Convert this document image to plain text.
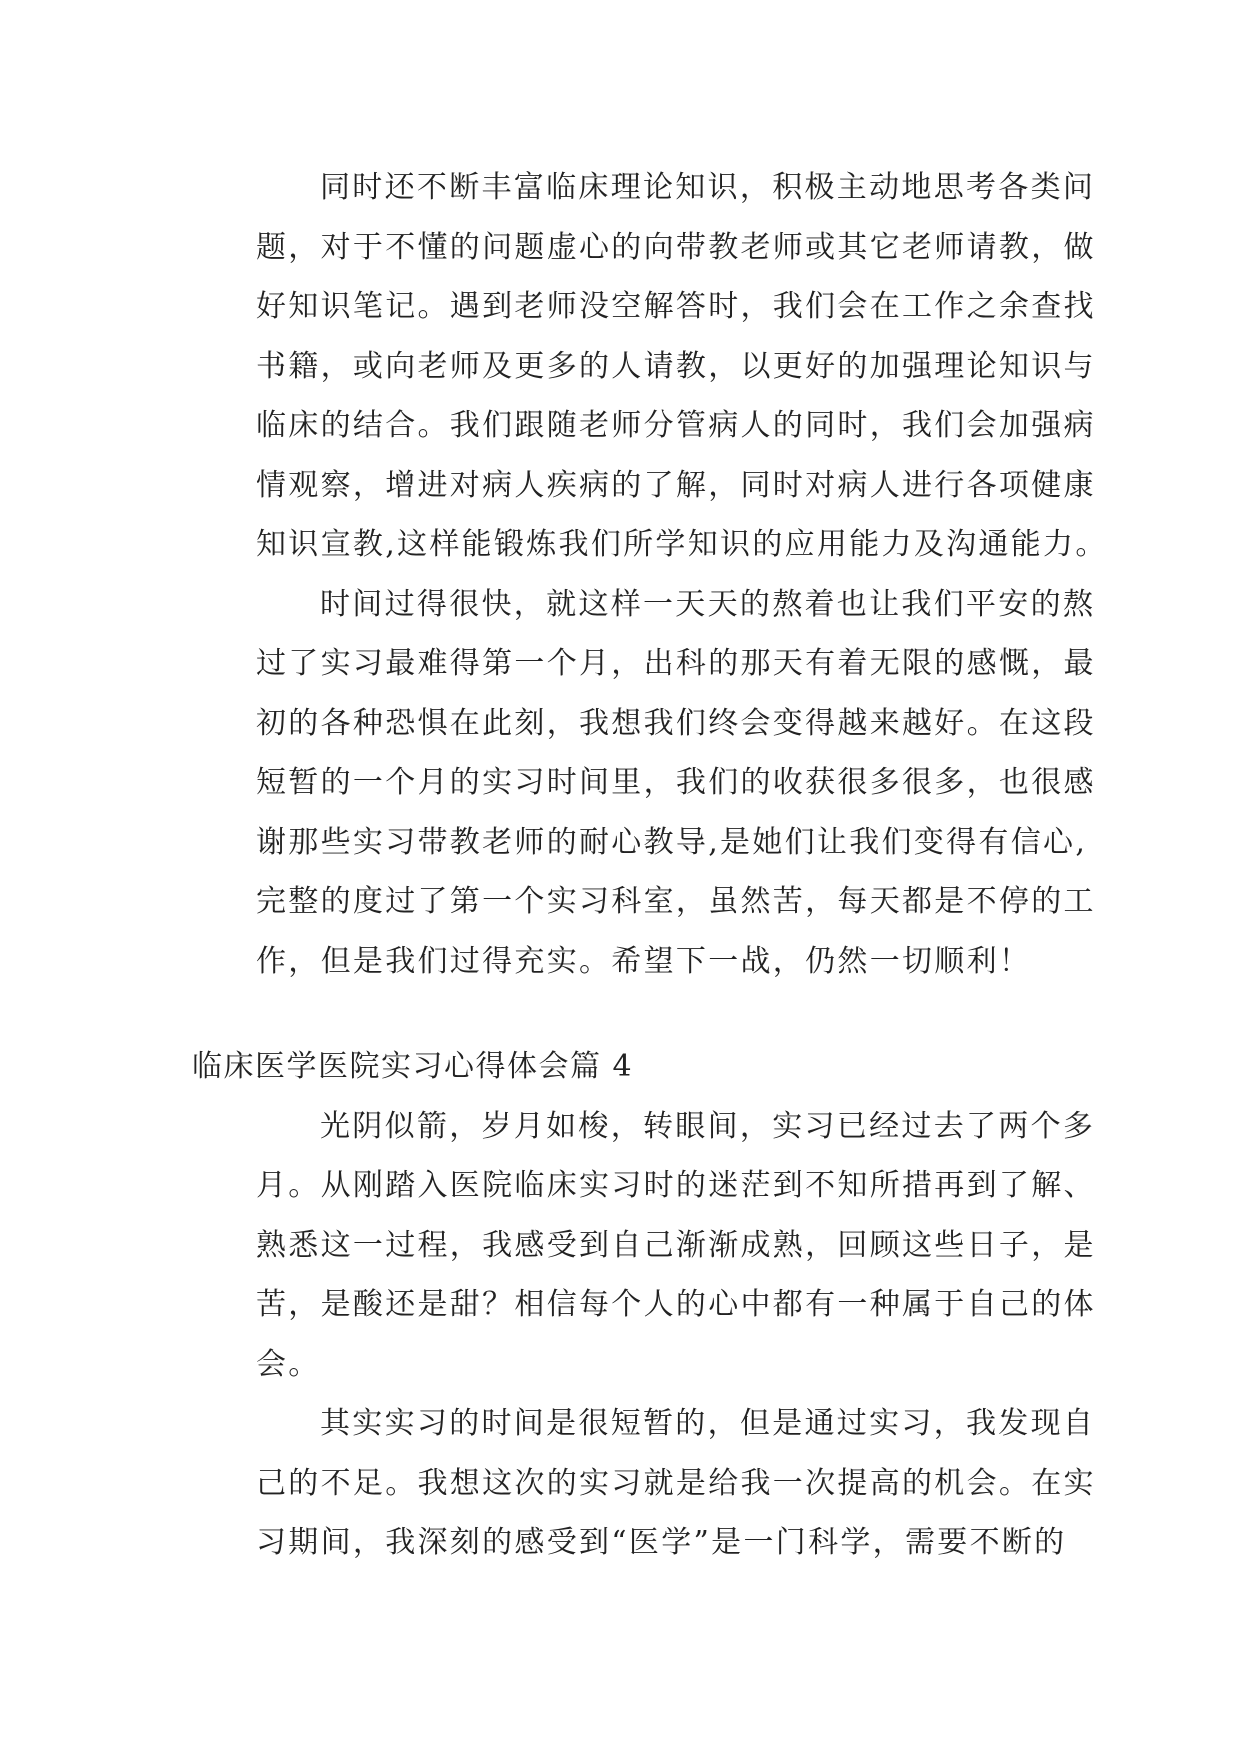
同时还不断丰富临床理论知识，积极主动地思考各类问
题，对于不懂的问题虚心的向带教老师或其它老师请教，做
好知识笔记。遇到老师没空解答时，我们会在工作之余查找
书籍，或向老师及更多的人请教，以更好的加强理论知识与
临床的结合。我们跟随老师分管病人的同时，我们会加强病
情观察，增进对病人疾病的了解，同时对病人进行各项健康
知识宣教,这样能锻炼我们所学知识的应用能力及沟通能力。
时间过得很快，就这样一天天的熬着也让我们平安的熬
过了实习最难得第一个月，出科的那天有着无限的感慨，最
初的各种恐惧在此刻，我想我们终会变得越来越好。在这段
短暂的一个月的实习时间里，我们的收获很多很多，也很感
谢那些实习带教老师的耐心教导,是她们让我们变得有信心,
完整的度过了第一个实习科室，虽然苦，每天都是不停的工
作，但是我们过得充实。希望下一战，仍然一切顺利！
临床医学医院实习心得体会篇 4
光阴似箭，岁月如梭，转眼间，实习已经过去了两个多
月。从刚踏入医院临床实习时的迷茫到不知所措再到了解、
熟悉这一过程，我感受到自己渐渐成熟，回顾这些日子，是
苦，是酸还是甜？相信每个人的心中都有一种属于自己的体
会。
其实实习的时间是很短暂的，但是通过实习，我发现自
己的不足。我想这次的实习就是给我一次提高的机会。在实
习期间，我深刻的感受到“医学”是一门科学，需要不断的
